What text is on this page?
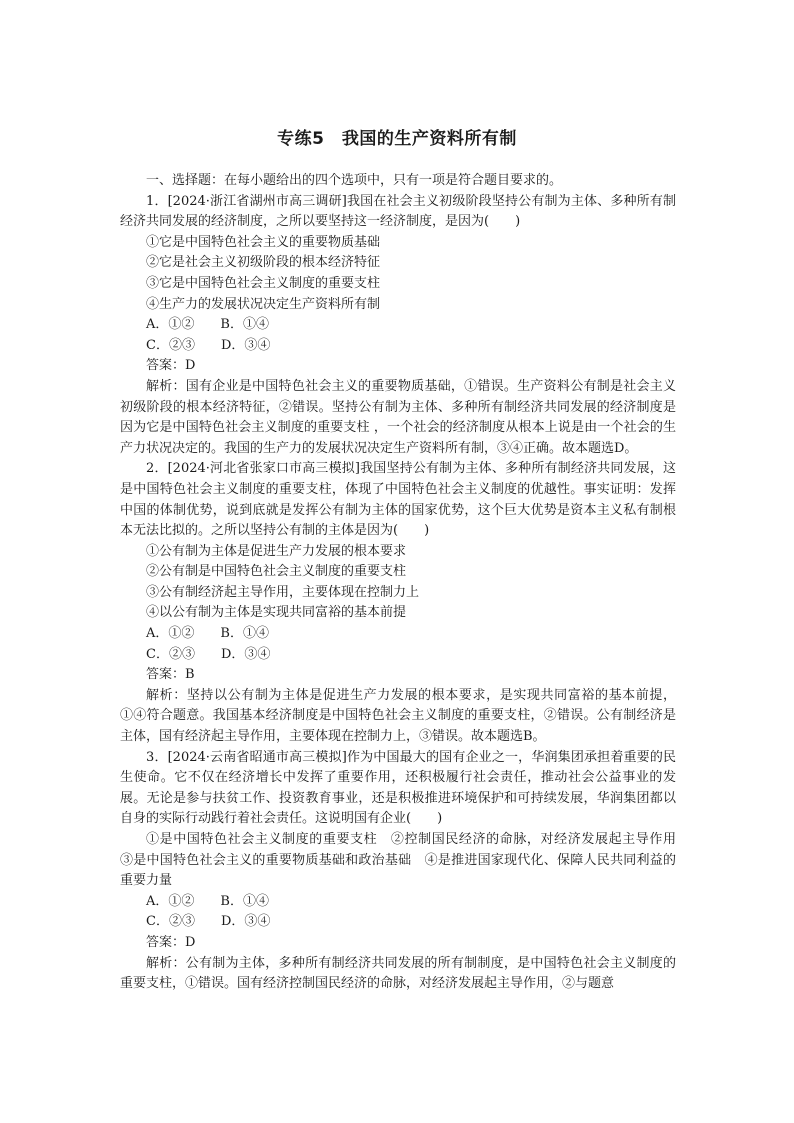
专练5　我国的生产资料所有制

一、选择题：在每小题给出的四个选项中，只有一项是符合题目要求的。

1．[2024·浙江省湖州市高三调研]我国在社会主义初级阶段坚持公有制为主体、多种所有制经济共同发展的经济制度，之所以要坚持这一经济制度，是因为(　　)

①它是中国特色社会主义的重要物质基础

②它是社会主义初级阶段的根本经济特征

③它是中国特色社会主义制度的重要支柱

④生产力的发展状况决定生产资料所有制

A．①②　　B．①④

C．②③　　D．③④

答案：D

解析：国有企业是中国特色社会主义的重要物质基础，①错误。生产资料公有制是社会主义初级阶段的根本经济特征，②错误。坚持公有制为主体、多种所有制经济共同发展的经济制度是因为它是中国特色社会主义制度的重要支柱 ，一个社会的经济制度从根本上说是由一个社会的生产力状况决定的。我国的生产力的发展状况决定生产资料所有制，③④正确。故本题选D。

2．[2024·河北省张家口市高三模拟]我国坚持公有制为主体、多种所有制经济共同发展，这是中国特色社会主义制度的重要支柱，体现了中国特色社会主义制度的优越性。事实证明：发挥中国的体制优势，说到底就是发挥公有制为主体的国家优势，这个巨大优势是资本主义私有制根本无法比拟的。之所以坚持公有制的主体是因为(　　)

①公有制为主体是促进生产力发展的根本要求

②公有制是中国特色社会主义制度的重要支柱

③公有制经济起主导作用，主要体现在控制力上

④以公有制为主体是实现共同富裕的基本前提

A．①②　　B．①④

C．②③　　D．③④

答案：B

解析：坚持以公有制为主体是促进生产力发展的根本要求，是实现共同富裕的基本前提，①④符合题意。我国基本经济制度是中国特色社会主义制度的重要支柱，②错误。公有制经济是主体，国有经济起主导作用，主要体现在控制力上，③错误。故本题选B。

3．[2024·云南省昭通市高三模拟]作为中国最大的国有企业之一，华润集团承担着重要的民生使命。它不仅在经济增长中发挥了重要作用，还积极履行社会责任，推动社会公益事业的发展。无论是参与扶贫工作、投资教育事业，还是积极推进环境保护和可持续发展，华润集团都以自身的实际行动践行着社会责任。这说明国有企业(　　)

①是中国特色社会主义制度的重要支柱　②控制国民经济的命脉，对经济发展起主导作用　③是中国特色社会主义的重要物质基础和政治基础　④是推进国家现代化、保障人民共同利益的重要力量

A．①②　　B．①④

C．②③　　D．③④

答案：D

解析：公有制为主体，多种所有制经济共同发展的所有制制度，是中国特色社会主义制度的重要支柱，①错误。国有经济控制国民经济的命脉，对经济发展起主导作用，②与题意
